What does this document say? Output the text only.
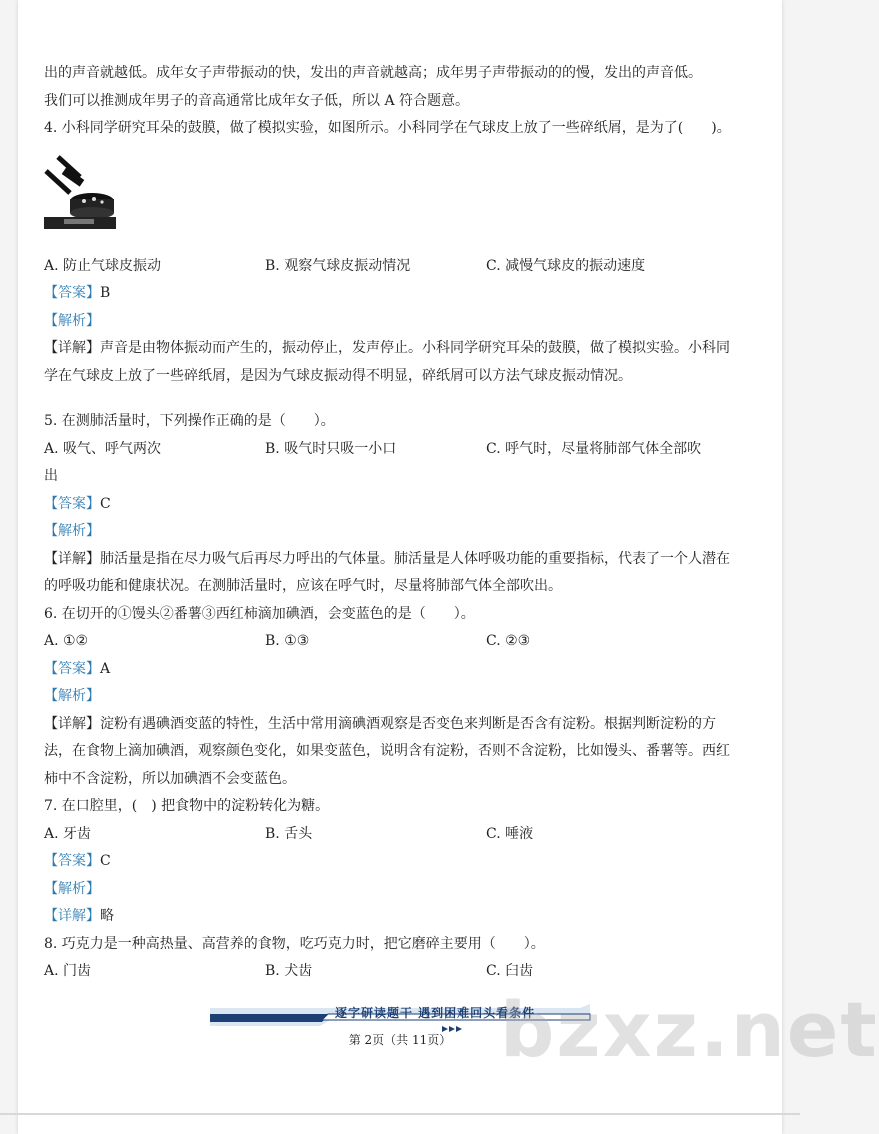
出的声音就越低。成年女子声带振动的快，发出的声音就越高；成年男子声带振动的的慢，发出的声音低。
我们可以推测成年男子的音高通常比成年女子低，所以 A 符合题意。
4. 小科同学研究耳朵的鼓膜，做了模拟实验，如图所示。小科同学在气球皮上放了一些碎纸屑，是为了(　　)。
A. 防止气球皮振动	B. 观察气球皮振动情况	C. 减慢气球皮的振动速度
【答案】B
【解析】
【详解】声音是由物体振动而产生的，振动停止，发声停止。小科同学研究耳朵的鼓膜，做了模拟实验。小科同学在气球皮上放了一些碎纸屑，是因为气球皮振动得不明显，碎纸屑可以方法气球皮振动情况。
5. 在测肺活量时，下列操作正确的是（　　）。
A. 吸气、呼气两次	B. 吸气时只吸一小口	C. 呼气时，尽量将肺部气体全部吹
出
【答案】C
【解析】
【详解】肺活量是指在尽力吸气后再尽力呼出的气体量。肺活量是人体呼吸功能的重要指标，代表了一个人潜在的呼吸功能和健康状况。在测肺活量时，应该在呼气时，尽量将肺部气体全部吹出。
6. 在切开的①馒头②番薯③西红柿滴加碘酒，会变蓝色的是（　　）。
A. ①②	B. ①③	C. ②③
【答案】A
【解析】
【详解】淀粉有遇碘酒变蓝的特性，生活中常用滴碘酒观察是否变色来判断是否含有淀粉。根据判断淀粉的方法，在食物上滴加碘酒，观察颜色变化，如果变蓝色，说明含有淀粉，否则不含淀粉，比如馒头、番薯等。西红柿中不含淀粉，所以加碘酒不会变蓝色。
7. 在口腔里，(　) 把食物中的淀粉转化为糖。
A. 牙齿	B. 舌头	C. 唾液
【答案】C
【解析】
【详解】略
8. 巧克力是一种高热量、高营养的食物，吃巧克力时，把它磨碎主要用（　　）。
A. 门齿	B. 犬齿	C. 臼齿
逐字研读题干 遇到困难回头看条件
第 2页（共 11页） bzxz.net
